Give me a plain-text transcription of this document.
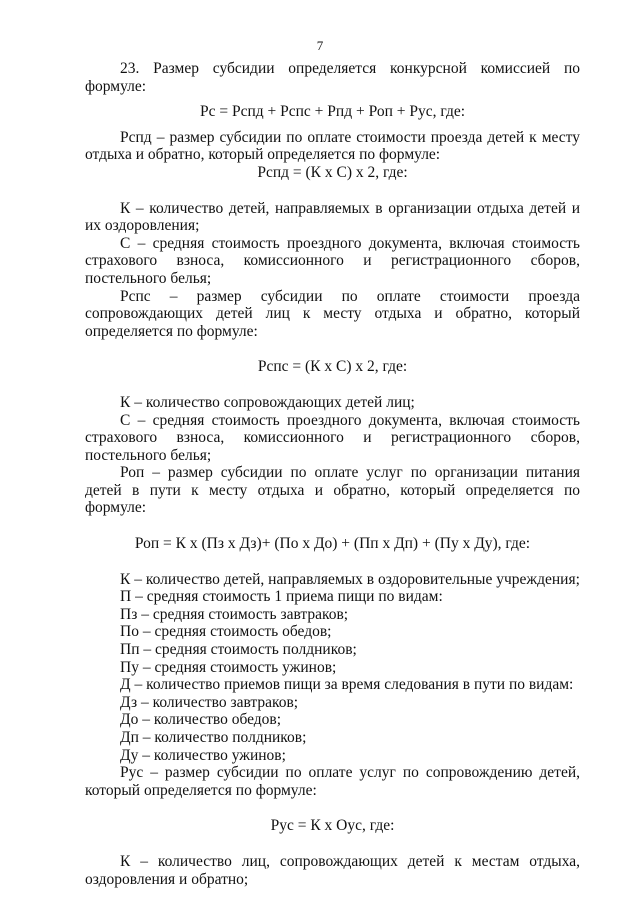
7

23. Размер субсидии определяется конкурсной комиссией по формуле:

Рс = Рспд + Рспс + Рпд + Роп + Рус, где:

Рспд – размер субсидии по оплате стоимости проезда детей к месту отдыха и обратно, который определяется по формуле:

Рспд = (К х С) х 2, где:

К – количество детей, направляемых в организации отдыха детей и их оздоровления;

С – средняя стоимость проездного документа, включая стоимость страхового взноса, комиссионного и регистрационного сборов, постельного белья;

Рспс – размер субсидии по оплате стоимости проезда сопровождающих детей лиц к месту отдыха и обратно, который определяется по формуле:

Рспс = (К х С) х 2, где:

К – количество сопровождающих детей лиц;

С – средняя стоимость проездного документа, включая стоимость страхового взноса, комиссионного и регистрационного сборов, постельного белья;

Роп – размер субсидии по оплате услуг по организации питания детей в пути к месту отдыха и обратно, который определяется по формуле:

Роп = К х (Пз х Дз)+ (По х До) + (Пп х Дп) + (Пу х Ду), где:

К – количество детей, направляемых в оздоровительные учреждения;

П – средняя стоимость 1 приема пищи по видам:

Пз – средняя стоимость завтраков;

По – средняя стоимость обедов;

Пп – средняя стоимость полдников;

Пу – средняя стоимость ужинов;

Д – количество приемов пищи за время следования в пути по видам:

Дз – количество завтраков;

До – количество обедов;

Дп – количество полдников;

Ду – количество ужинов;

Рус – размер субсидии по оплате услуг по сопровождению детей, который определяется по формуле:

Рус = К х Оус, где:

К – количество лиц, сопровождающих детей к местам отдыха, оздоровления и обратно;
